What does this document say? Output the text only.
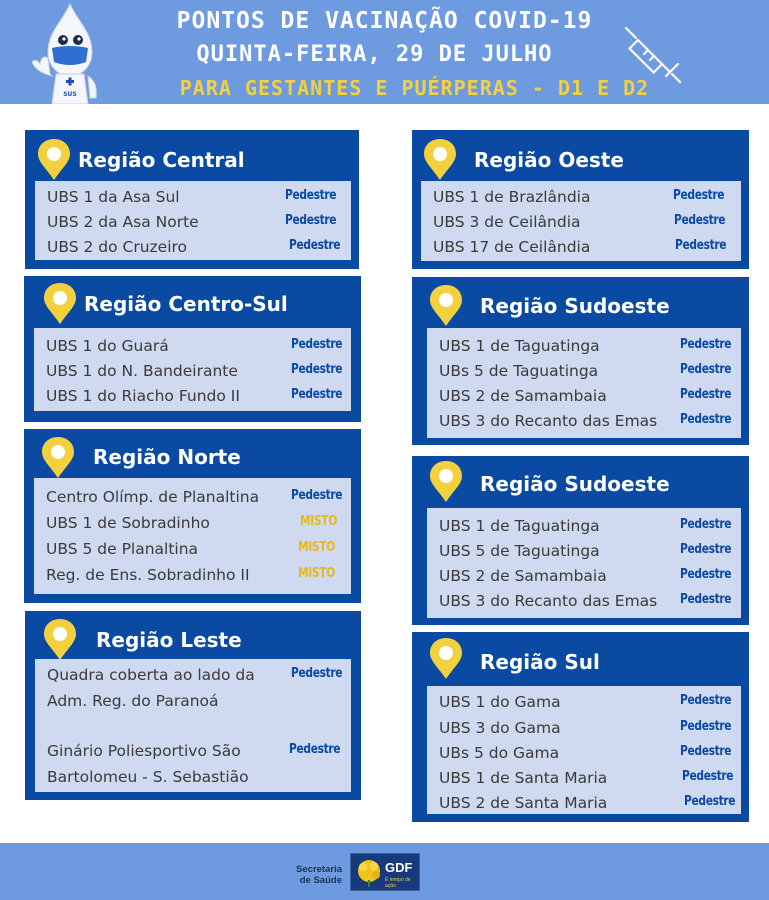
SUS
PONTOS DE VACINAÇÃO COVID-19
QUINTA-FEIRA, 29 DE JULHO
PARA GESTANTES E PUÉRPERAS - D1 E D2
Região Central
UBS 1 da Asa Sul	Pedestre
UBS 2 da Asa Norte	Pedestre
UBS 2 do Cruzeiro	Pedestre
Região Centro-Sul
UBS 1 do Guará	Pedestre
UBS 1 do N. Bandeirante	Pedestre
UBS 1 do Riacho Fundo II	Pedestre
Região Norte
Centro Olímp. de Planaltina Pedestre
UBS 1 de Sobradinho	MISTO
UBS 5 de Planaltina	MISTO
Reg. de Ens. Sobradinho II	MISTO
Região Leste
Quadra coberta ao lado da	Pedestre
Adm. Reg. do Paranoá
Ginário Poliesportivo São	Pedestre
Bartolomeu - S. Sebastião
Região Oeste
UBS 1 de Brazlândia	Pedestre
UBS 3 de Ceilândia	Pedestre
UBS 17 de Ceilândia	Pedestre
Região Sudoeste
UBS 1 de Taguatinga	Pedestre
UBs 5 de Taguatinga	Pedestre
UBS 2 de Samambaia	Pedestre
UBS 3 do Recanto das Emas Pedestre
Região Sudoeste
UBS 1 de Taguatinga	Pedestre
UBS 5 de Taguatinga	Pedestre
UBS 2 de Samambaia	Pedestre
UBS 3 do Recanto das Emas Pedestre
Região Sul
UBS 1 do Gama	Pedestre
UBS 3 do Gama	Pedestre
UBs 5 do Gama	Pedestre
UBS 1 de Santa Maria	Pedestre
UBS 2 de Santa Maria	Pedestre
Secretaria
de Saúde
GDF
É tempo de ação.
